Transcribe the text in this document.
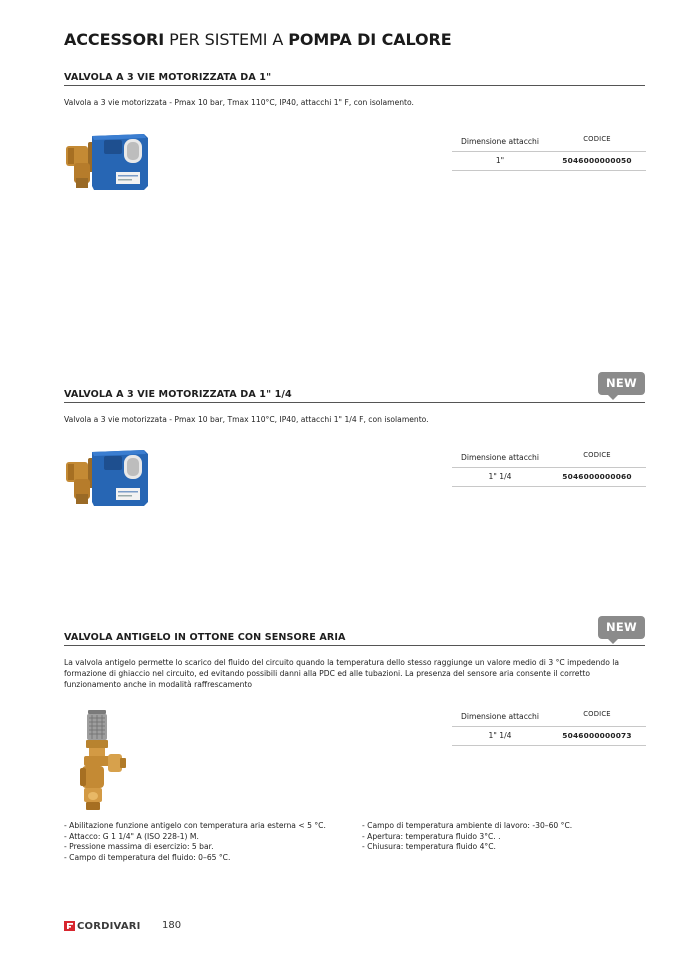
ACCESSORI PER SISTEMI A POMPA DI CALORE
VALVOLA A 3 VIE MOTORIZZATA DA 1"
Valvola a 3 vie motorizzata - Pmax 10 bar, Tmax 110°C, IP40, attacchi 1" F, con isolamento.
Dimensione attacchi	CODICE
1"	5046000000050
NEW
VALVOLA A 3 VIE MOTORIZZATA DA 1" 1/4
Valvola a 3 vie motorizzata - Pmax 10 bar, Tmax 110°C, IP40, attacchi 1" 1/4 F, con isolamento.
Dimensione attacchi	CODICE
1" 1/4	5046000000060
NEW
VALVOLA ANTIGELO IN OTTONE CON SENSORE ARIA
La valvola antigelo permette lo scarico del fluido del circuito quando la temperatura dello stesso raggiunge un valore medio di 3 °C impedendo la formazione di ghiaccio nel circuito, ed evitando possibili danni alla PDC ed alle tubazioni. La presenza del sensore aria consente il corretto funzionamento anche in modalità raffrescamento
Dimensione attacchi	CODICE
1" 1/4	5046000000073
- Abilitazione funzione antigelo con temperatura aria esterna < 5 °C.
- Attacco: G 1 1/4" A (ISO 228-1) M.
- Pressione massima di esercizio: 5 bar.
- Campo di temperatura del fluido: 0–65 °C.
- Campo di temperatura ambiente di lavoro: -30–60 °C.
- Apertura: temperatura fluido 3°C. .
- Chiusura: temperatura fluido 4°C.
CORDIVARI 180
